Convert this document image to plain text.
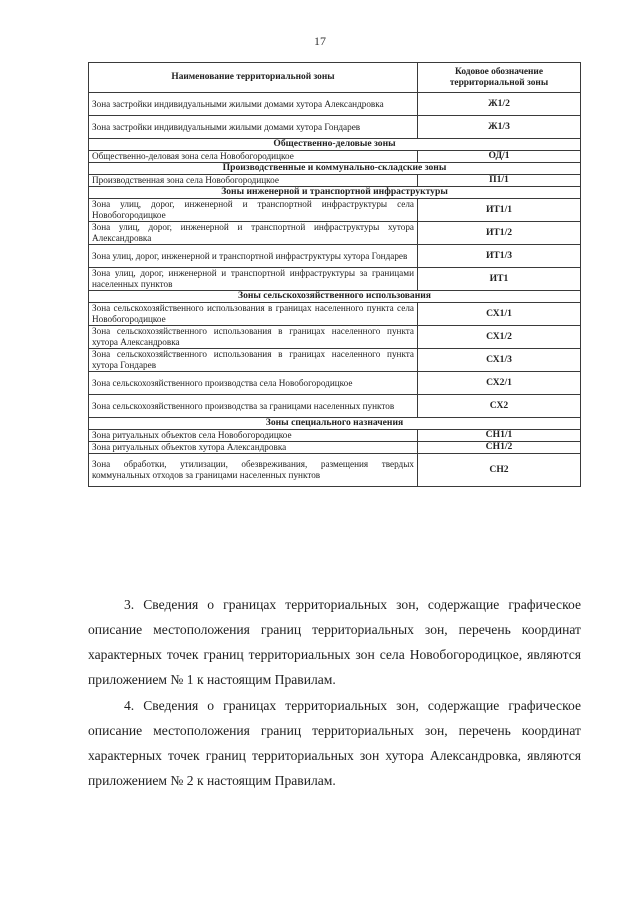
17
Наименование территориальной зоны	Кодовое обозначение территориальной зоны
Зона застройки индивидуальными жилыми домами хутора Александровка	Ж1/2
Зона застройки индивидуальными жилыми домами хутора Гондарев	Ж1/3
Общественно-деловые зоны	
Общественно-деловая зона села Новобогородицкое	ОД/1
Производственные и коммунально-складские зоны	
Производственная зона села Новобогородицкое	П1/1
Зоны инженерной и транспортной инфраструктуры	
Зона улиц, дорог, инженерной и транспортной инфраструктуры села Новобогородицкое	ИТ1/1
Зона улиц, дорог, инженерной и транспортной инфраструктуры хутора Александровка	ИТ1/2
Зона улиц, дорог, инженерной и транспортной инфраструктуры хутора Гондарев	ИТ1/3
Зона улиц, дорог, инженерной и транспортной инфраструктуры за границами населенных пунктов	ИТ1
Зоны сельскохозяйственного использования	
Зона сельскохозяйственного использования в границах населенного пункта села Новобогородицкое	СХ1/1
Зона сельскохозяйственного использования в границах населенного пункта хутора Александровка	СХ1/2
Зона сельскохозяйственного использования в границах населенного пункта хутора Гондарев	СХ1/3
Зона сельскохозяйственного производства села Новобогородицкое	СХ2/1
Зона сельскохозяйственного производства за границами населенных пунктов	СХ2
Зоны специального назначения	
Зона ритуальных объектов села Новобогородицкое	СН1/1
Зона ритуальных объектов хутора Александровка	СН1/2
Зона обработки, утилизации, обезвреживания, размещения твердых коммунальных отходов за границами населенных пунктов	СН2
3. Сведения о границах территориальных зон, содержащие графическое описание местоположения границ территориальных зон, перечень координат характерных точек границ территориальных зон села Новобогородицкое, являются приложением № 1 к настоящим Правилам.
4. Сведения о границах территориальных зон, содержащие графическое описание местоположения границ территориальных зон, перечень координат характерных точек границ территориальных зон хутора Александровка, являются приложением № 2 к настоящим Правилам.
